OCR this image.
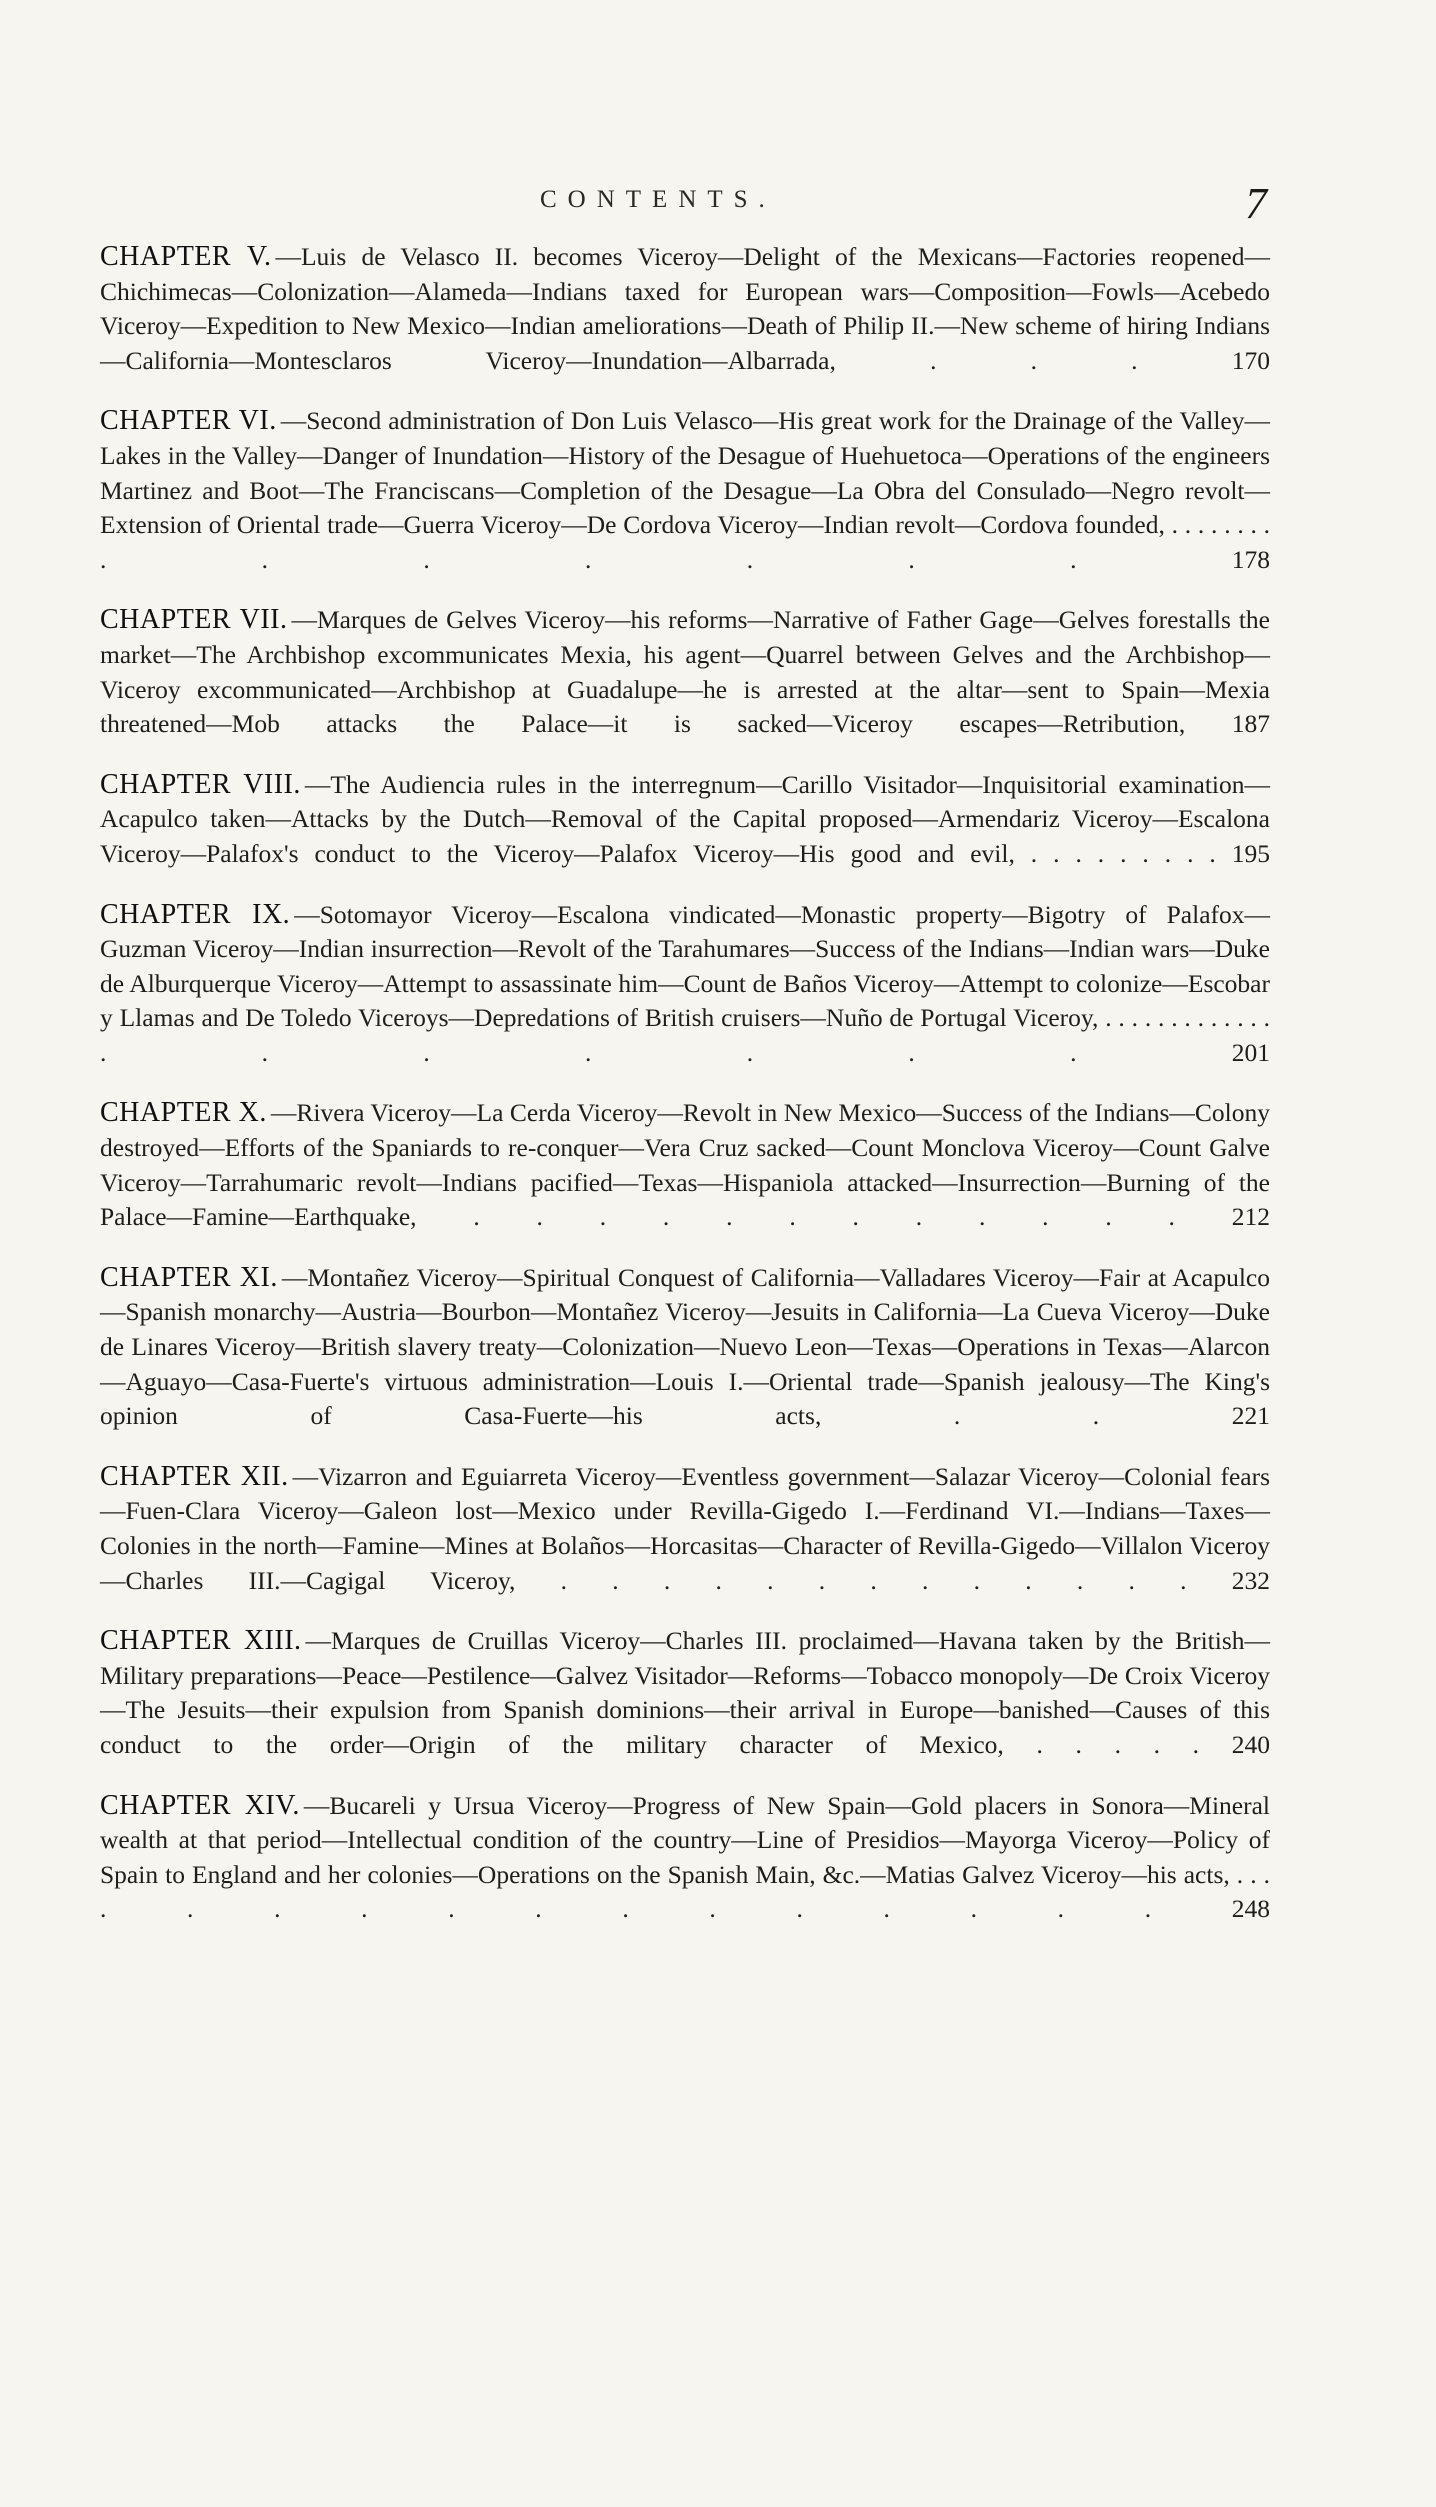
CONTENTS.	7

CHAPTER V. —Luis de Velasco II. becomes Viceroy—Delight of the Mexicans—Factories reopened—Chichimecas—Colonization—Alameda—Indians taxed for European wars—Composition—Fowls—Acebedo Viceroy—Expedition to New Mexico—Indian ameliorations—Death of Philip II.—New scheme of hiring Indians—California—Montesclaros Viceroy—Inundation—Albarrada, . . .	170

CHAPTER VI. —Second administration of Don Luis Velasco—His great work for the Drainage of the Valley—Lakes in the Valley—Danger of Inundation—History of the Desague of Huehuetoca—Operations of the engineers Martinez and Boot—The Franciscans—Completion of the Desague—La Obra del Consulado—Negro revolt—Extension of Oriental trade—Guerra Viceroy—De Cordova Viceroy—Indian revolt—Cordova founded, . . . . . . . . . . . . . . .	178

CHAPTER VII. —Marques de Gelves Viceroy—his reforms—Narrative of Father Gage—Gelves forestalls the market—The Archbishop excommunicates Mexia, his agent—Quarrel between Gelves and the Archbishop—Viceroy excommunicated—Archbishop at Guadalupe—he is arrested at the altar—sent to Spain—Mexia threatened—Mob attacks the Palace—it is sacked—Viceroy escapes—Retribution, 187

CHAPTER VIII. —The Audiencia rules in the interregnum—Carillo Visitador—Inquisitorial examination—Acapulco taken—Attacks by the Dutch—Removal of the Capital proposed—Armendariz Viceroy—Escalona Viceroy—Palafox's conduct to the Viceroy—Palafox Viceroy—His good and evil, . . . . . . . . . 195

CHAPTER IX. —Sotomayor Viceroy—Escalona vindicated—Monastic property—Bigotry of Palafox—Guzman Viceroy—Indian insurrection—Revolt of the Tarahumares—Success of the Indians—Indian wars—Duke de Alburquerque Viceroy—Attempt to assassinate him—Count de Baños Viceroy—Attempt to colonize—Escobar y Llamas and De Toledo Viceroys—Depredations of British cruisers—Nuño de Portugal Viceroy, . . . . . . . . . . . . . . . . . . . .	201

CHAPTER X. —Rivera Viceroy—La Cerda Viceroy—Revolt in New Mexico—Success of the Indians—Colony destroyed—Efforts of the Spaniards to re-conquer—Vera Cruz sacked—Count Monclova Viceroy—Count Galve Viceroy—Tarrahumaric revolt—Indians pacified—Texas—Hispaniola attacked—Insurrection—Burning of the Palace—Famine—Earthquake, . . . . . . . . . . . . 212

CHAPTER XI. —Montañez Viceroy—Spiritual Conquest of California—Valladares Viceroy—Fair at Acapulco—Spanish monarchy—Austria—Bourbon—Montañez Viceroy—Jesuits in California—La Cueva Viceroy—Duke de Linares Viceroy—British slavery treaty—Colonization—Nuevo Leon—Texas—Operations in Texas—Alarcon—Aguayo—Casa-Fuerte's virtuous administration—Louis I.—Oriental trade—Spanish jealousy—The King's opinion of Casa-Fuerte—his acts, . .	221

CHAPTER XII. —Vizarron and Eguiarreta Viceroy—Eventless government—Salazar Viceroy—Colonial fears—Fuen-Clara Viceroy—Galeon lost—Mexico under Revilla-Gigedo I.—Ferdinand VI.—Indians—Taxes—Colonies in the north—Famine—Mines at Bolaños—Horcasitas—Character of Revilla-Gigedo—Villalon Viceroy—Charles III.—Cagigal Viceroy, . . . . . . . . . . . . . 232

CHAPTER XIII. —Marques de Cruillas Viceroy—Charles III. proclaimed—Havana taken by the British—Military preparations—Peace—Pestilence—Galvez Visitador—Reforms—Tobacco monopoly—De Croix Viceroy—The Jesuits—their expulsion from Spanish dominions—their arrival in Europe—banished—Causes of this conduct to the order—Origin of the military character of Mexico, . . . . . 240

CHAPTER XIV. —Bucareli y Ursua Viceroy—Progress of New Spain—Gold placers in Sonora—Mineral wealth at that period—Intellectual condition of the country—Line of Presidios—Mayorga Viceroy—Policy of Spain to England and her colonies—Operations on the Spanish Main, &c.—Matias Galvez Viceroy—his acts, . . . . . . . . . . . . . . . .	248
